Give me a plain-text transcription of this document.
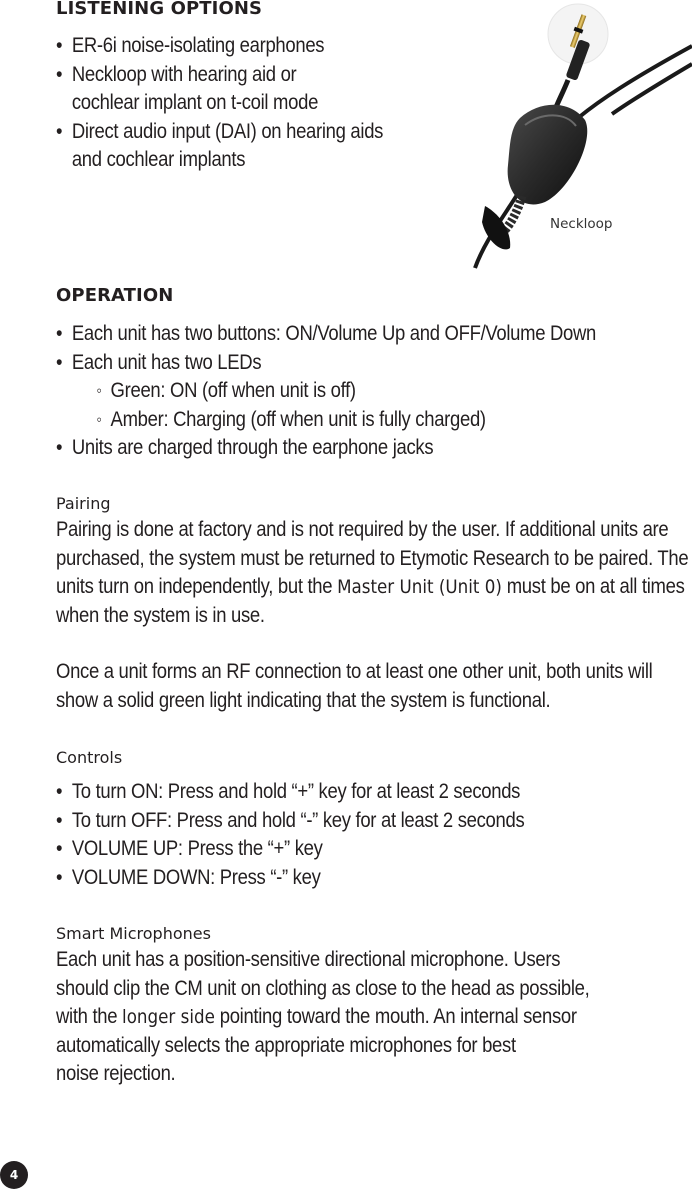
LISTENING OPTIONS
• ER-6i noise-isolating earphones
• Neckloop with hearing aid or
cochlear implant on t-coil mode
• Direct audio input (DAI) on hearing aids
and cochlear implants

Neckloop

OPERATION
• Each unit has two buttons: ON/Volume Up and OFF/Volume Down
• Each unit has two LEDs
◦ Green: ON (off when unit is off)
◦ Amber: Charging (off when unit is fully charged)
• Units are charged through the earphone jacks

Pairing

Pairing is done at factory and is not required by the user. If additional units are purchased, the system must be returned to Etymotic Research to be paired. The units turn on independently, but the Master Unit (Unit 0) must be on at all times when the system is in use.

Once a unit forms an RF connection to at least one other unit, both units will show a solid green light indicating that the system is functional.

Controls

• To turn ON: Press and hold “+” key for at least 2 seconds
• To turn OFF: Press and hold “-” key for at least 2 seconds
• VOLUME UP: Press the “+” key
• VOLUME DOWN: Press “-” key

Smart Microphones

Each unit has a position-sensitive directional microphone. Users
should clip the CM unit on clothing as close to the head as possible,
with the longer side pointing toward the mouth. An internal sensor
automatically selects the appropriate microphones for best
noise rejection.
4
